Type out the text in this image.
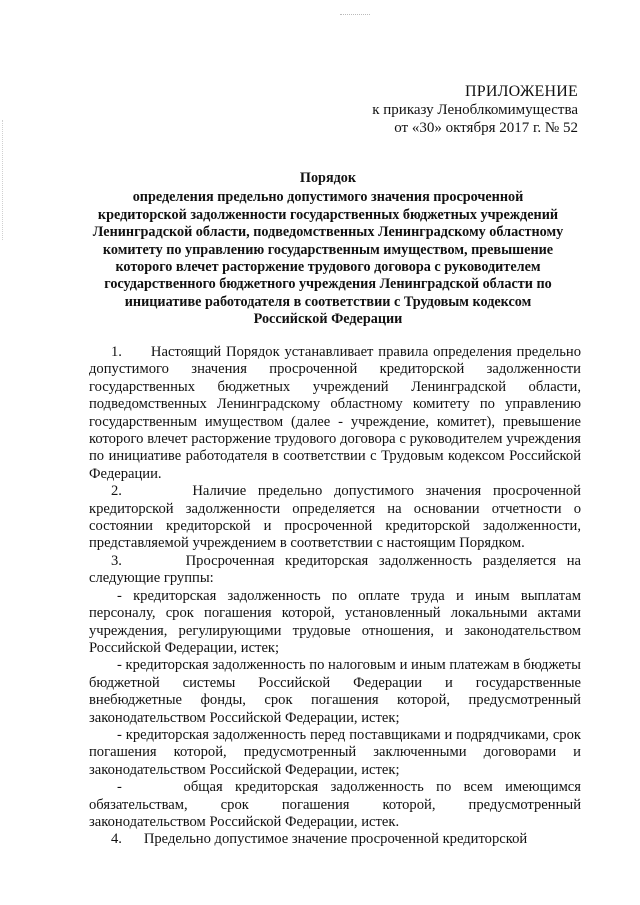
ПРИЛОЖЕНИЕ
к приказу Леноблкомимущества
от «30» октября 2017 г. № 52
Порядок
определения предельно допустимого значения просроченной
кредиторской задолженности государственных бюджетных учреждений
Ленинградской области, подведомственных Ленинградскому областному
комитету по управлению государственным имуществом, превышение
которого влечет расторжение трудового договора с руководителем
государственного бюджетного учреждения Ленинградской области по
инициативе работодателя в соответствии с Трудовым кодексом
Российской Федерации

1.      Настоящий Порядок устанавливает правила определения предельно допустимого значения просроченной кредиторской задолженности государственных бюджетных учреждений Ленинградской области, подведомственных Ленинградскому областному комитету по управлению государственным имуществом (далее - учреждение, комитет), превышение которого влечет расторжение трудового договора с руководителем учреждения по инициативе работодателя в соответствии с Трудовым кодексом Российской Федерации.

2.      Наличие предельно допустимого значения просроченной кредиторской задолженности определяется на основании отчетности о состоянии кредиторской и просроченной кредиторской задолженности, представляемой учреждением в соответствии с настоящим Порядком.

3.      Просроченная кредиторская задолженность разделяется на следующие группы:

- кредиторская задолженность по оплате труда и иным выплатам персоналу, срок погашения которой, установленный локальными актами учреждения, регулирующими трудовые отношения, и законодательством Российской Федерации, истек;

- кредиторская задолженность по налоговым и иным платежам в бюджеты бюджетной системы Российской Федерации и государственные внебюджетные фонды, срок погашения которой, предусмотренный законодательством Российской Федерации, истек;

- кредиторская задолженность перед поставщиками и подрядчиками, срок погашения которой, предусмотренный заключенными договорами и законодательством Российской Федерации, истек;

-     общая кредиторская задолженность по всем имеющимся обязательствам, срок погашения которой, предусмотренный законодательством Российской Федерации, истек.

4.      Предельно допустимое значение просроченной кредиторской
